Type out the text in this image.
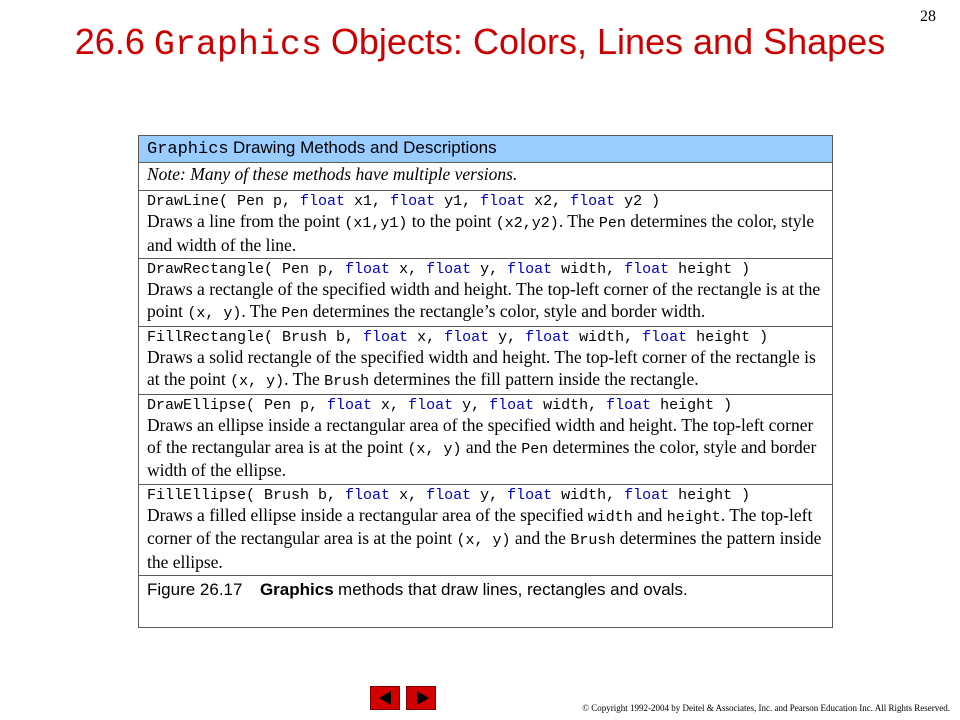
28
26.6 Graphics Objects: Colors, Lines and Shapes
Graphics Drawing Methods and Descriptions
Note: Many of these methods have multiple versions.

DrawLine( Pen p, float x1, float y1, float x2, float y2 )
Draws a line from the point (x1,y1) to the point (x2,y2). The Pen determines the color, style and width of the line.

DrawRectangle( Pen p, float x, float y, float width, float height )
Draws a rectangle of the specified width and height. The top-left corner of the rectangle is at the point (x, y). The Pen determines the rectangle’s color, style and border width.

FillRectangle( Brush b, float x, float y, float width, float height )
Draws a solid rectangle of the specified width and height. The top-left corner of the rectangle is at the point (x, y). The Brush determines the fill pattern inside the rectangle.

DrawEllipse( Pen p, float x, float y, float width, float height )
Draws an ellipse inside a rectangular area of the specified width and height. The top-left corner of the rectangular area is at the point (x, y) and the Pen determines the color, style and border width of the ellipse.

FillEllipse( Brush b, float x, float y, float width, float height )
Draws a filled ellipse inside a rectangular area of the specified width and height. The top-left corner of the rectangular area is at the point (x, y) and the Brush determines the pattern inside the ellipse.

Figure 26.17 Graphics methods that draw lines, rectangles and ovals.
© Copyright 1992-2004 by Deitel & Associates, Inc. and Pearson Education Inc. All Rights Reserved.
